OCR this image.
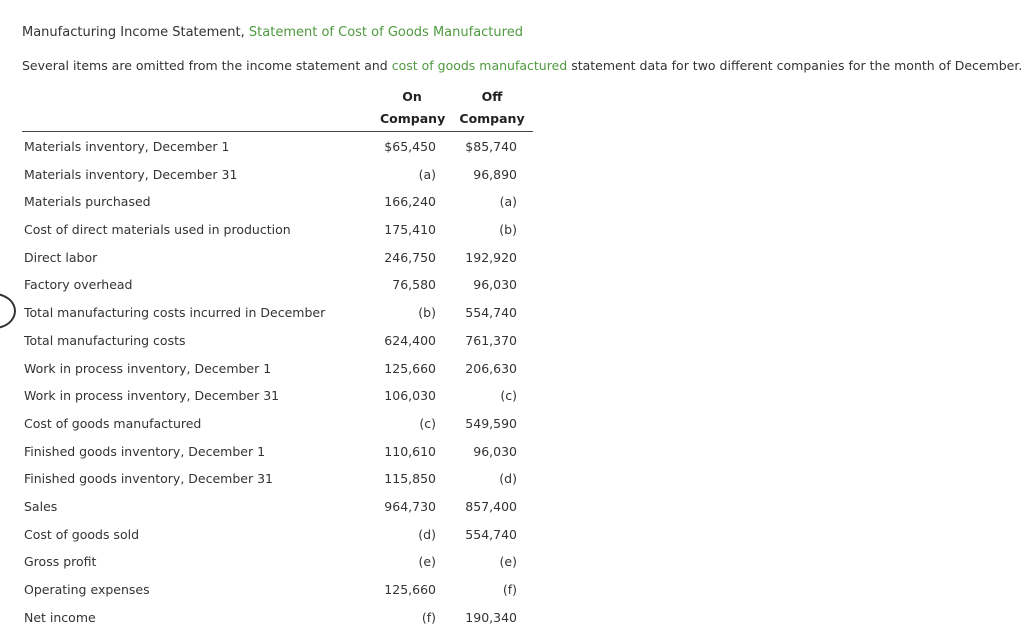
Manufacturing Income Statement, Statement of Cost of Goods Manufactured
Several items are omitted from the income statement and cost of goods manufactured statement data for two different companies for the month of December.
On
Company
Off
Company
Materials inventory, December 1	$65,450 $85,740
Materials inventory, December 31	(a)	96,890
Materials purchased	166,240	(a)
Cost of direct materials used in production	175,410	(b)
Direct labor	246,750 192,920
Factory overhead	76,580	96,030
Total manufacturing costs incurred in December	(b) 554,740
Total manufacturing costs	624,400 761,370
Work in process inventory, December 1	125,660 206,630
Work in process inventory, December 31	106,030	(c)
Cost of goods manufactured	(c) 549,590
Finished goods inventory, December 1	110,610	96,030
Finished goods inventory, December 31	115,850	(d)
Sales	964,730 857,400
Cost of goods sold	(d) 554,740
Gross profit	(e)	(e)
Operating expenses	125,660	(f)
Net income	(f) 190,340
